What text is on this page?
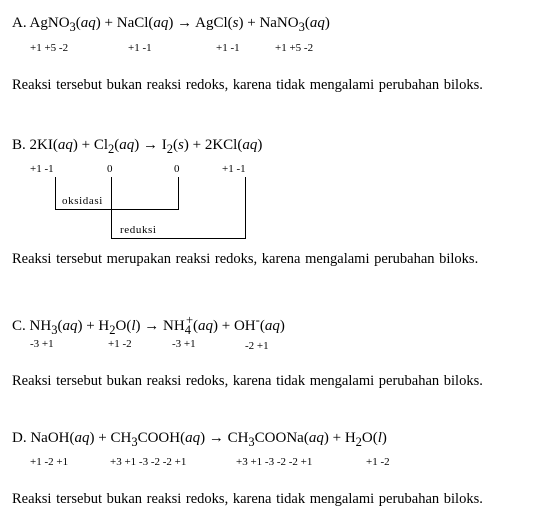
A. AgNO$_3$(aq) + NaCl(aq) → AgCl(s) + NaNO$_3$(aq)
+1 +5 -2	+1 -1	+1 -1	+1 +5 -2
Reaksi tersebut bukan reaksi redoks, karena tidak mengalami perubahan biloks.
B. $2KI(aq) + Cl_2(aq) \to I_2(s) + 2KCl(aq)$
+1 -1	0	0	+1 -1
oksidasi
reduksi
Reaksi tersebut merupakan reaksi redoks, karena mengalami perubahan biloks.
C. $NH_3(aq) + H_2O(l) \to NH_4^+(aq) + OH^-(aq)$
-3 +1	+1 -2	-3 +1	-2 +1
Reaksi tersebut bukan reaksi redoks, karena tidak mengalami perubahan biloks.
D. NaOH(aq) + $CH_3COOH(aq)$ → $CH_3COONa(aq) + H_2O(l)$
+1 -2 +1	+3 +1 -3 -2 -2 +1	+3 +1 -3 -2 -2 +1	+1 -2
Reaksi tersebut bukan reaksi redoks, karena tidak mengalami perubahan biloks.
